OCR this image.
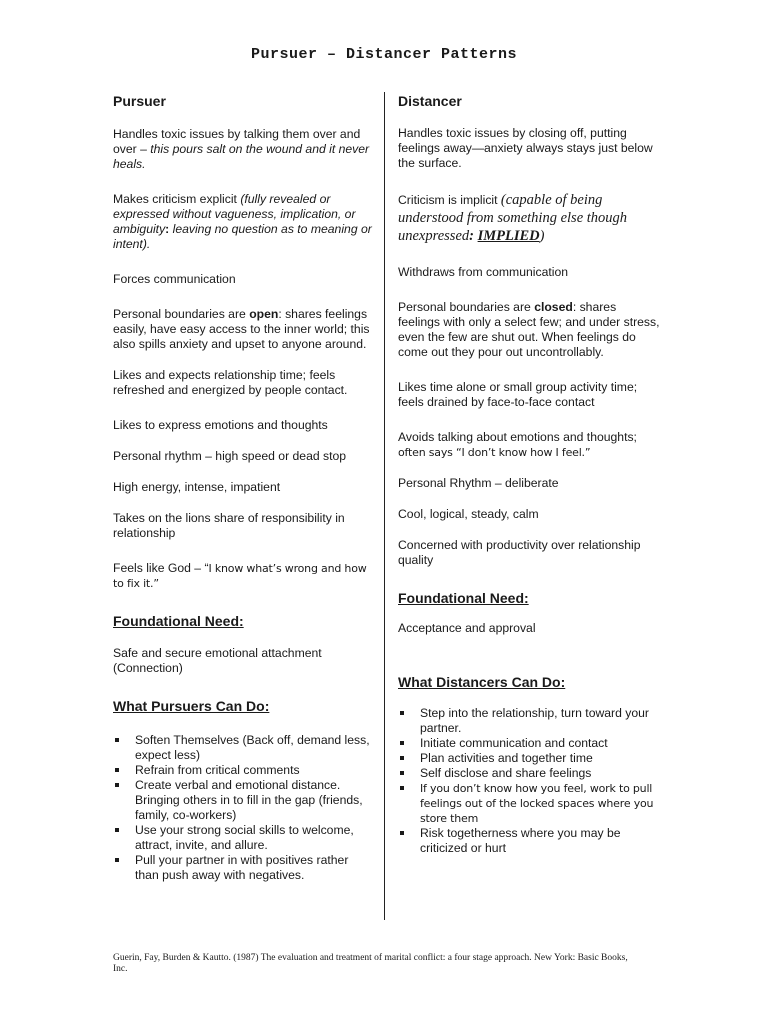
Pursuer – Distancer Patterns

Pursuer

Handles toxic issues by talking them over and over – this pours salt on the wound and it never heals.

Makes criticism explicit (fully revealed or expressed without vagueness, implication, or ambiguity: leaving no question as to meaning or intent).

Forces communication

Personal boundaries are open: shares feelings easily, have easy access to the inner world; this also spills anxiety and upset to anyone around.

Likes and expects relationship time; feels refreshed and energized by people contact.

Likes to express emotions and thoughts

Personal rhythm – high speed or dead stop

High energy, intense, impatient

Takes on the lions share of responsibility in relationship

Feels like God – “I know what’s wrong and how to fix it.”

Foundational Need:

Safe and secure emotional attachment (Connection)

What Pursuers Can Do:

Soften Themselves (Back off, demand less, expect less)
Refrain from critical comments
Create verbal and emotional distance. Bringing others in to fill in the gap (friends, family, co-workers)
Use your strong social skills to welcome, attract, invite, and allure.
Pull your partner in with positives rather than push away with negatives.

Distancer

Handles toxic issues by closing off, putting feelings away—anxiety always stays just below the surface.

Criticism is implicit (capable of being understood from something else though unexpressed: IMPLIED)

Withdraws from communication

Personal boundaries are closed: shares feelings with only a select few; and under stress, even the few are shut out. When feelings do come out they pour out uncontrollably.

Likes time alone or small group activity time; feels drained by face-to-face contact

Avoids talking about emotions and thoughts; often says “I don’t know how I feel.”

Personal Rhythm – deliberate

Cool, logical, steady, calm

Concerned with productivity over relationship quality

Foundational Need:

Acceptance and approval

What Distancers Can Do:

Step into the relationship, turn toward your partner.
Initiate communication and contact
Plan activities and together time
Self disclose and share feelings
If you don’t know how you feel, work to pull feelings out of the locked spaces where you store them
Risk togetherness where you may be criticized or hurt
Guerin, Fay, Burden & Kautto. (1987) The evaluation and treatment of marital conflict: a four stage approach. New York: Basic Books, Inc.
